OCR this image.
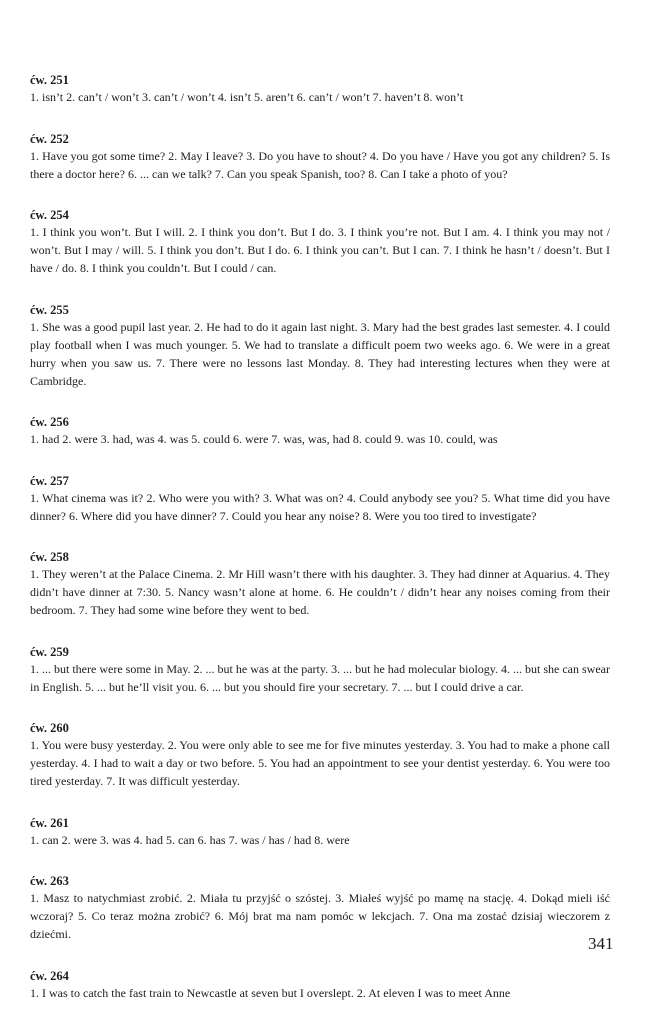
ćw. 251

1. isn’t 2. can’t / won’t 3. can’t / won’t 4. isn’t 5. aren’t 6. can’t / won’t 7. haven’t 8. won’t

ćw. 252

1. Have you got some time? 2. May I leave? 3. Do you have to shout? 4. Do you have / Have you got any children? 5. Is there a doctor here? 6. ... can we talk? 7. Can you speak Spanish, too? 8. Can I take a photo of you?

ćw. 254

1. I think you won’t. But I will. 2. I think you don’t. But I do. 3. I think you’re not. But I am. 4. I think you may not / won’t. But I may / will. 5. I think you don’t. But I do. 6. I think you can’t. But I can. 7. I think he hasn’t / doesn’t. But I have / do. 8. I think you couldn’t. But I could / can.

ćw. 255

1. She was a good pupil last year. 2. He had to do it again last night. 3. Mary had the best grades last semester. 4. I could play football when I was much younger. 5. We had to translate a difficult poem two weeks ago. 6. We were in a great hurry when you saw us. 7. There were no lessons last Monday. 8. They had interesting lectures when they were at Cambridge.

ćw. 256

1. had 2. were 3. had, was 4. was 5. could 6. were 7. was, was, had 8. could 9. was 10. could, was

ćw. 257

1. What cinema was it? 2. Who were you with? 3. What was on? 4. Could anybody see you? 5. What time did you have dinner? 6. Where did you have dinner? 7. Could you hear any noise? 8. Were you too tired to investigate?

ćw. 258

1. They weren’t at the Palace Cinema. 2. Mr Hill wasn’t there with his daughter. 3. They had dinner at Aquarius. 4. They didn’t have dinner at 7:30. 5. Nancy wasn’t alone at home. 6. He couldn’t / didn’t hear any noises coming from their bedroom. 7. They had some wine before they went to bed.

ćw. 259

1. ... but there were some in May. 2. ... but he was at the party. 3. ... but he had molecular biology. 4. ... but she can swear in English. 5. ... but he’ll visit you. 6. ... but you should fire your secretary. 7. ... but I could drive a car.

ćw. 260

1. You were busy yesterday. 2. You were only able to see me for five minutes yesterday. 3. You had to make a phone call yesterday. 4. I had to wait a day or two before. 5. You had an appointment to see your dentist yesterday. 6. You were too tired yesterday. 7. It was difficult yesterday.

ćw. 261

1. can 2. were 3. was 4. had 5. can 6. has 7. was / has / had 8. were

ćw. 263

1. Masz to natychmiast zrobić. 2. Miała tu przyjść o szóstej. 3. Miałeś wyjść po mamę na stację. 4. Dokąd mieli iść wczoraj? 5. Co teraz można zrobić? 6. Mój brat ma nam pomóc w lekcjach. 7. Ona ma zostać dzisiaj wieczorem z dziećmi.

ćw. 264

1. I was to catch the fast train to Newcastle at seven but I overslept. 2. At eleven I was to meet Anne

341
